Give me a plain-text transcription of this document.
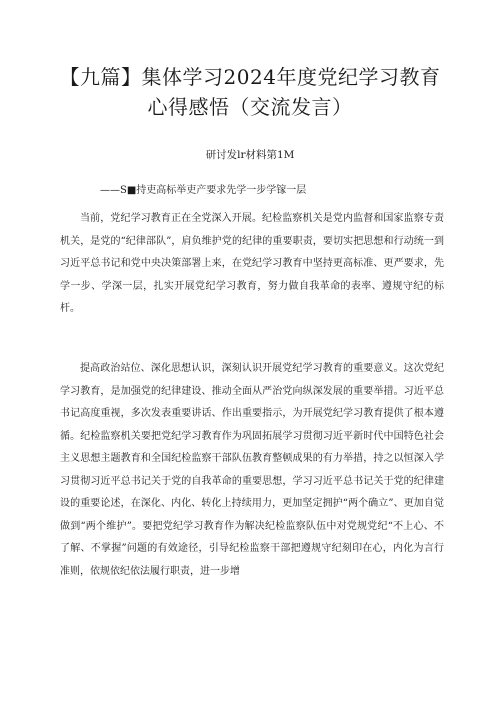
【九篇】集体学习2024年度党纪学习教育
心得感悟（交流发言）
研讨发lr材料第1M
——S■持吏高标举吏产要求先学一步学镓一层

当前，党纪学习教育正在全党深入开展。纪检监察机关是党内监督和国家监察专责机关，是党的“纪律部队”，肩负维护党的纪律的重要职责，要切实把思想和行动统一到习近平总书记和党中央决策部署上来，在党纪学习教育中坚持更高标准、更严要求，先学一步、学深一层，扎实开展党纪学习教育，努力做自我革命的表率、遵规守纪的标杆。

提高政治站位、深化思想认识，深刻认识开展党纪学习教育的重要意义。这次党纪学习教育，是加强党的纪律建设、推动全面从严治党向纵深发展的重要举措。习近平总书记高度重视，多次发表重要讲话、作出重要指示，为开展党纪学习教育提供了根本遵循。纪检监察机关要把党纪学习教育作为巩固拓展学习贯彻习近平新时代中国特色社会主义思想主题教育和全国纪检监察干部队伍教育整顿成果的有力举措，持之以恒深入学习贯彻习近平总书记关于党的自我革命的重要思想，学习习近平总书记关于党的纪律建设的重要论述，在深化、内化、转化上持续用力，更加坚定拥护“两个确立”、更加自觉做到“两个维护”。要把党纪学习教育作为解决纪检监察队伍中对党规党纪“不上心、不了解、不掌握”问题的有效途径，引导纪检监察干部把遵规守纪刻印在心，内化为言行准则，依规依纪依法履行职责，进一步增
